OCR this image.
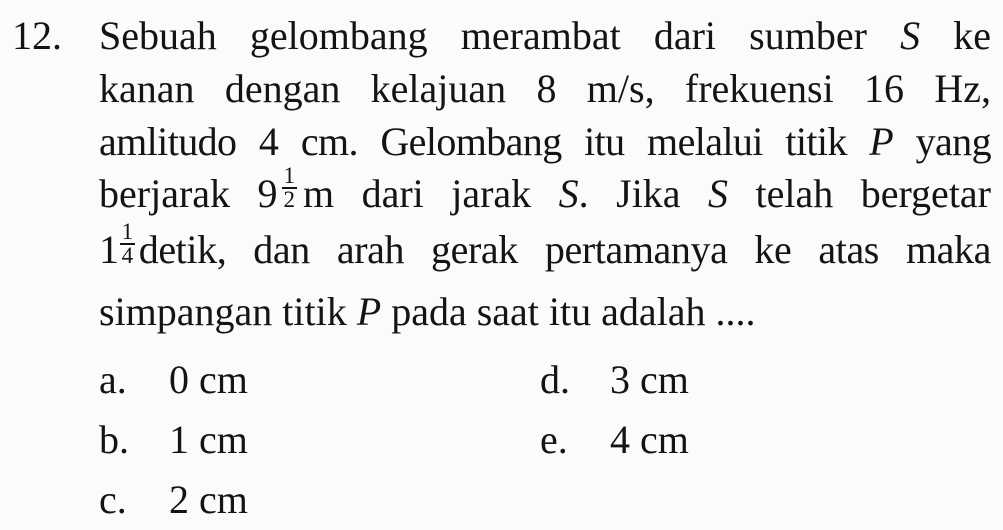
12. Sebuah gelombang merambat dari sumber S ke
kanan dengan kelajuan 8 m/s, frekuensi 16 Hz,
amlitudo 4 cm. Gelombang itu melalui titik P yang
berjarak $9 \frac{1}{2}$ m dari jarak S. Jika S telah bergetar
$1 \frac{1}{4}$ detik, dan arah gerak pertamanya ke atas maka
simpangan titik P pada saat itu adalah ....
a. 0 cm
b. 1 cm
c. 2 cm
d. 3 cm
e. 4 cm
